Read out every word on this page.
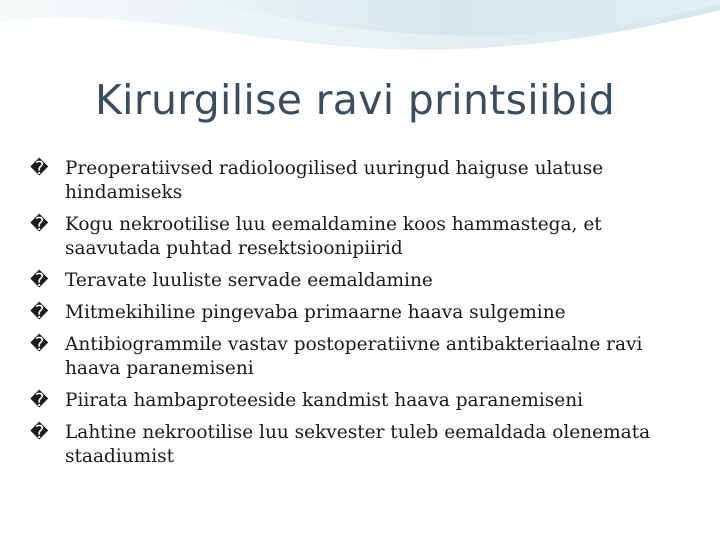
Kirurgilise ravi printsiibid
� Preoperatiivsed radioloogilised uuringud haiguse ulatuse hindamiseks
� Kogu nekrootilise luu eemaldamine koos hammastega, et saavutada puhtad resektsioonipiirid
� Teravate luuliste servade eemaldamine
� Mitmekihiline pingevaba primaarne haava sulgemine
� Antibiogrammile vastav postoperatiivne antibakteriaalne ravi haava paranemiseni
� Piirata hambaproteeside kandmist haava paranemiseni
� Lahtine nekrootilise luu sekvester tuleb eemaldada olenemata staadiumist
